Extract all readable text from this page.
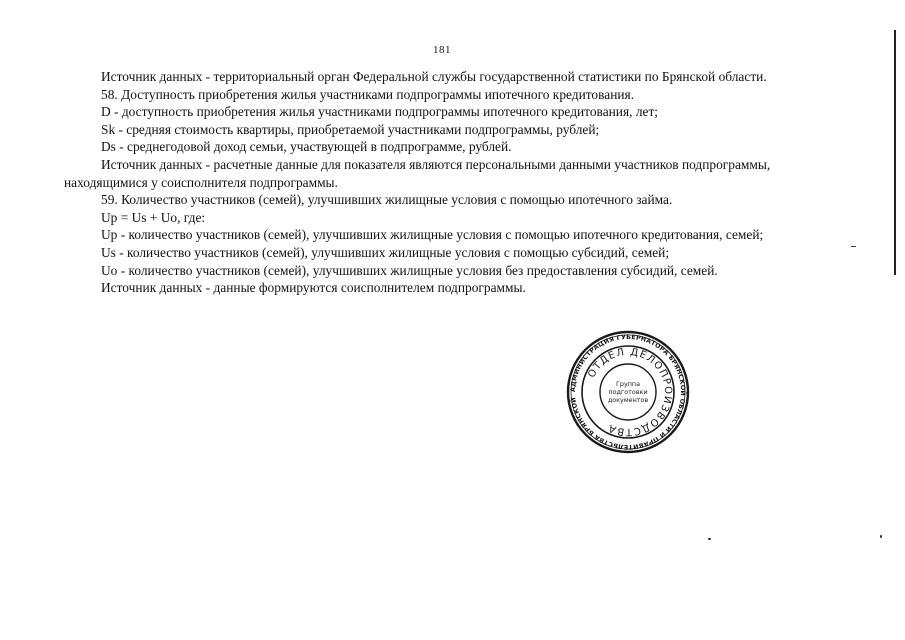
181

Источник данных - территориальный орган Федеральной службы государственной статистики по Брянской области.

58. Доступность приобретения жилья участниками подпрограммы ипотечного кредитования.

D - доступность приобретения жилья участниками подпрограммы ипотечного кредитования, лет;

Sk - средняя стоимость квартиры, приобретаемой участниками подпрограммы, рублей;

Ds - среднегодовой доход семьи, участвующей в подпрограмме, рублей.

Источник данных - расчетные данные для показателя являются персональными данными участников подпрограммы, находящимися у соисполнителя подпрограммы.

59. Количество участников (семей), улучшивших жилищные условия с помощью ипотечного займа.

Up = Us + Uo, где:

Up - количество участников (семей), улучшивших жилищные условия с помощью ипотечного кредитования, семей;

Us - количество участников (семей), улучшивших жилищные условия с помощью субсидий, семей;

Uo - количество участников (семей), улучшивших жилищные условия без предоставления субсидий, семей.

Источник данных - данные формируются соисполнителем подпрограммы.

АДМИНИСТРАЦИЯ ГУБЕРНАТОРА БРЯНСКОЙ ОБЛАСТИ И ПРАВИТЕЛЬСТВА БРЯНСКОЙ
ОТДЕЛ ДЕЛОПРОИЗВОДСТВА
Группа
подготовки
документов
